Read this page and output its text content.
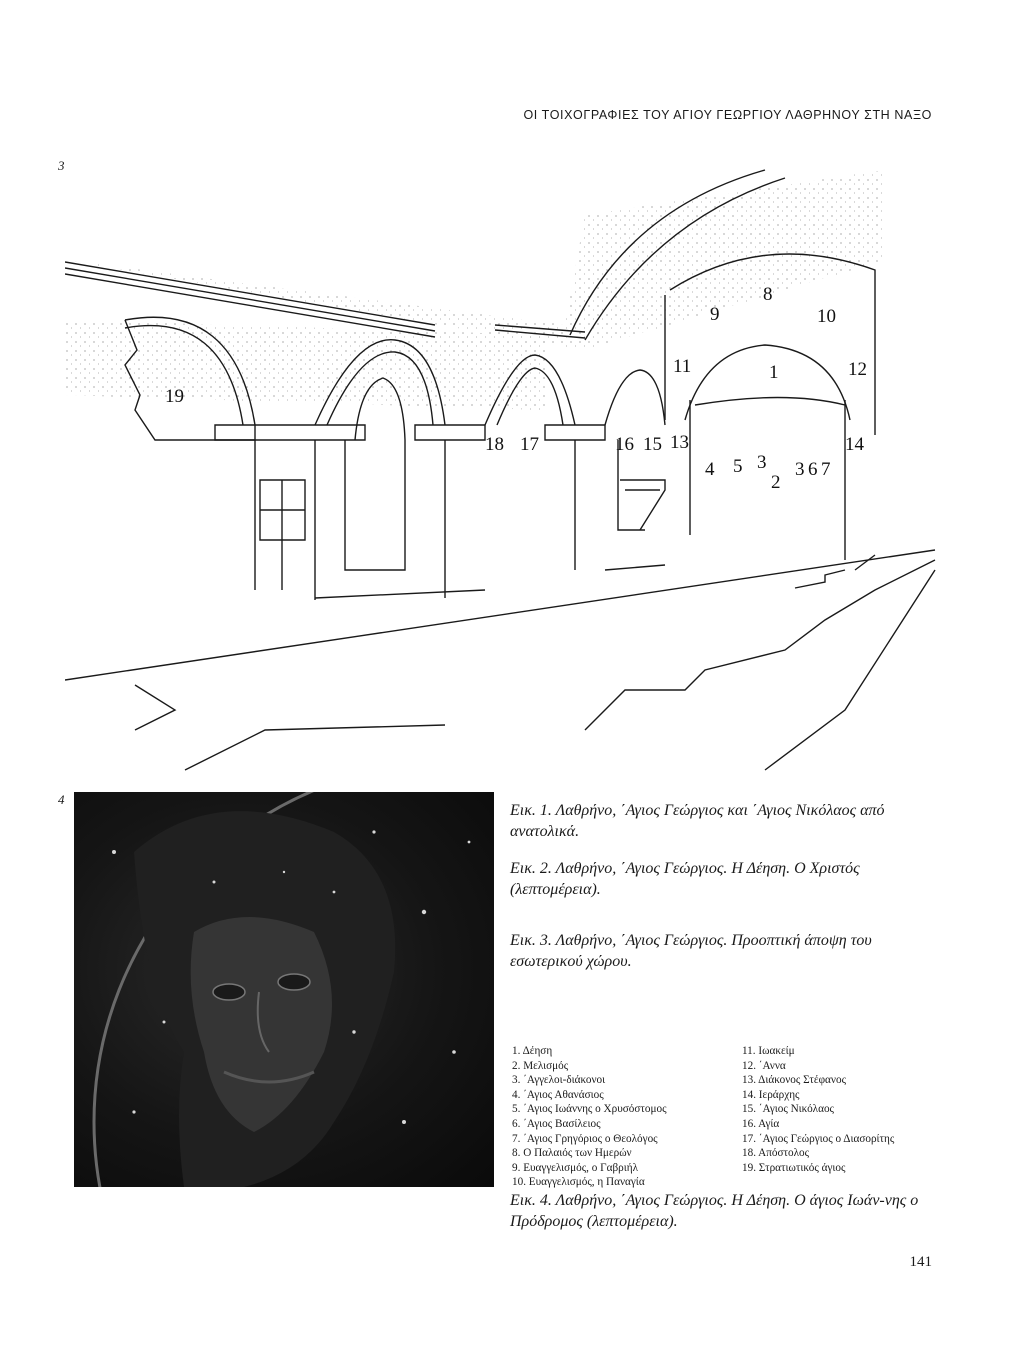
ΟΙ ΤΟΙΧΟΓΡΑΦΙΕΣ ΤΟΥ ΑΓΙΟΥ ΓΕΩΡΓΙΟΥ ΛΑΘΡΗΝΟΥ ΣΤΗ ΝΑΞΟ
3
19
18 17	16 15 13
4 5 3
2
3 6 7
14
11	1	12
9
8
10
4
Εικ. 1. Λαθρήνο, ΄Αγιος Γεώργιος και ΄Αγιος Νικόλαος από ανατολικά.
Εικ. 2. Λαθρήνο, ΄Αγιος Γεώργιος. Η Δέηση. Ο Χριστός (λεπτομέρεια).
Εικ. 3. Λαθρήνο, ΄Αγιος Γεώργιος. Προοπτική άποψη του εσωτερικού χώρου.
1. Δέηση
2. Μελισμός
3. ΄Αγγελοι-διάκονοι
4. ΄Αγιος Αθανάσιος
5. ΄Αγιος Ιωάννης ο Χρυσόστομος
6. ΄Αγιος Βασίλειος
7. ΄Αγιος Γρηγόριος ο Θεολόγος
8. Ο Παλαιός των Ημερών
9. Ευαγγελισμός, ο Γαβριήλ
10. Ευαγγελισμός, η Παναγία
11. Ιωακείμ
12. ΄Αννα
13. Διάκονος Στέφανος
14. Ιεράρχης
15. ΄Αγιος Νικόλαος
16. Αγία
17. ΄Αγιος Γεώργιος ο Διασορίτης
18. Απόστολος
19. Στρατιωτικός άγιος
Εικ. 4. Λαθρήνο, ΄Αγιος Γεώργιος. Η Δέηση. Ο άγιος Ιωάν-νης ο Πρόδρομος (λεπτομέρεια).
141
